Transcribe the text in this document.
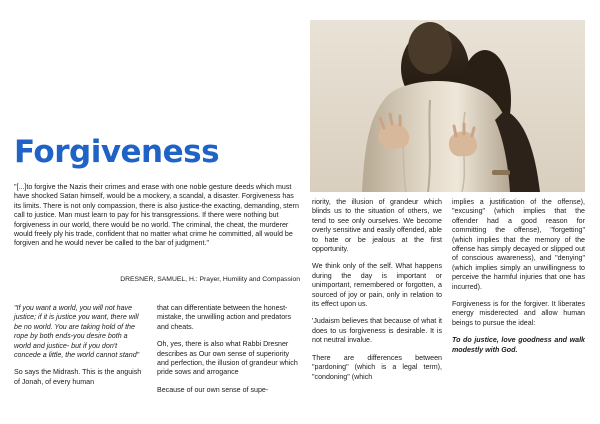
Forgiveness

"[...]to forgive the Nazis their crimes and erase with one noble gesture deeds which must have shocked Satan himself, would be a mockery, a scandal, a disaster. Forgiveness has its limits. There is not only compassion, there is also justice-the exacting, demanding, stern call to justice. Man must learn to pay for his transgressions. If there were nothing but forgiveness in our world, there would be no world. The criminal, the cheat, the murderer would freely ply his trade, confident that no matter what crime he committed, all would be forgiven and he would never be called to the bar of judgment."

DRESNER, SAMUEL, H.: Prayer, Humility and Compassion

"If you want a world, you will not have justice; if it is justice you want, there will be no world. You are taking hold of the rope by both ends-you desire both a world and justice- but if you don't concede a little, the world cannot stand"

So says the Midrash. This is the anguish of Jonah, of every human

that can differentiate between the honest-mistake, the unwilling action and predators and cheats.

Oh, yes, there is also what Rabbi Dresner describes as Our own sense of superiority and perfection, the illusion of grandeur which pride sows and arrogance

Because of our own sense of supe-

riority, the illusion of grandeur which blinds us to the situation of others, we tend to see only ourselves. We become overly sensitive and easily offended, able to hate or be jealous at the first opportunity.

We think only of the self. What happens during the day is important or unimportant, remembered or forgotten, a sourced of joy or pain, only in relation to its effect upon us.

'Judaism believes that because of what it does to us forgiveness is desirable. It is not neutral invalue.

There are differences between "pardoning" (which is a legal term), "condoning" (which

implies a justification of the offense), "excusing" (which implies that the offender had a good reason for committing the offense), "forgetting" (which implies that the memory of the offense has simply decayed or slipped out of conscious awareness), and "denying" (which implies simply an unwillingness to perceive the harmful injuries that one has incurred).

Forgiveness is for the forgiver. It liberates energy misderected and allow human beings to pursue the ideal:

To do justice, love goodness and walk modestly with God.
